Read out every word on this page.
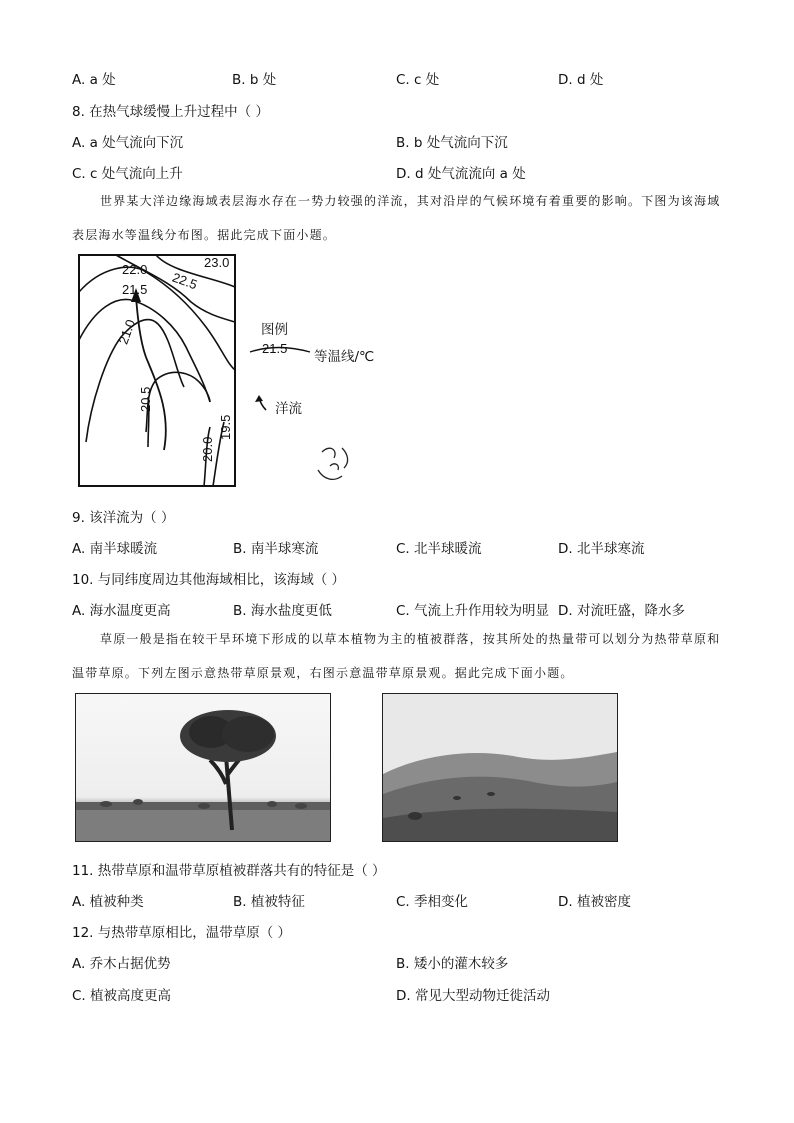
A. a 处	B. b 处	C. c 处	D. d 处
8. 在热气球缓慢上升过程中（ ）
A. a 处气流向下沉	B. b 处气流向下沉
C. c 处气流向上升	D. d 处气流流向 a 处
世界某大洋边缘海域表层海水存在一势力较强的洋流，其对沿岸的气候环境有着重要的影响。下图为该海域表层海水等温线分布图。据此完成下面小题。
23.0
22.5
22.0
21.5
21.0
20.5
20.0
19.5
图例
21.5
等温线/℃
洋流
9. 该洋流为（ ）
A. 南半球暖流	B. 南半球寒流	C. 北半球暖流	D. 北半球寒流
10. 与同纬度周边其他海域相比，该海域（ ）
A. 海水温度更高	B. 海水盐度更低	C. 气流上升作用较为明显 D. 对流旺盛，降水多
草原一般是指在较干旱环境下形成的以草本植物为主的植被群落，按其所处的热量带可以划分为热带草原和温带草原。下列左图示意热带草原景观，右图示意温带草原景观。据此完成下面小题。
11. 热带草原和温带草原植被群落共有的特征是（ ）
A. 植被种类	B. 植被特征	C. 季相变化	D. 植被密度
12. 与热带草原相比，温带草原（ ）
A. 乔木占据优势	B. 矮小的灌木较多
C. 植被高度更高	D. 常见大型动物迁徙活动
